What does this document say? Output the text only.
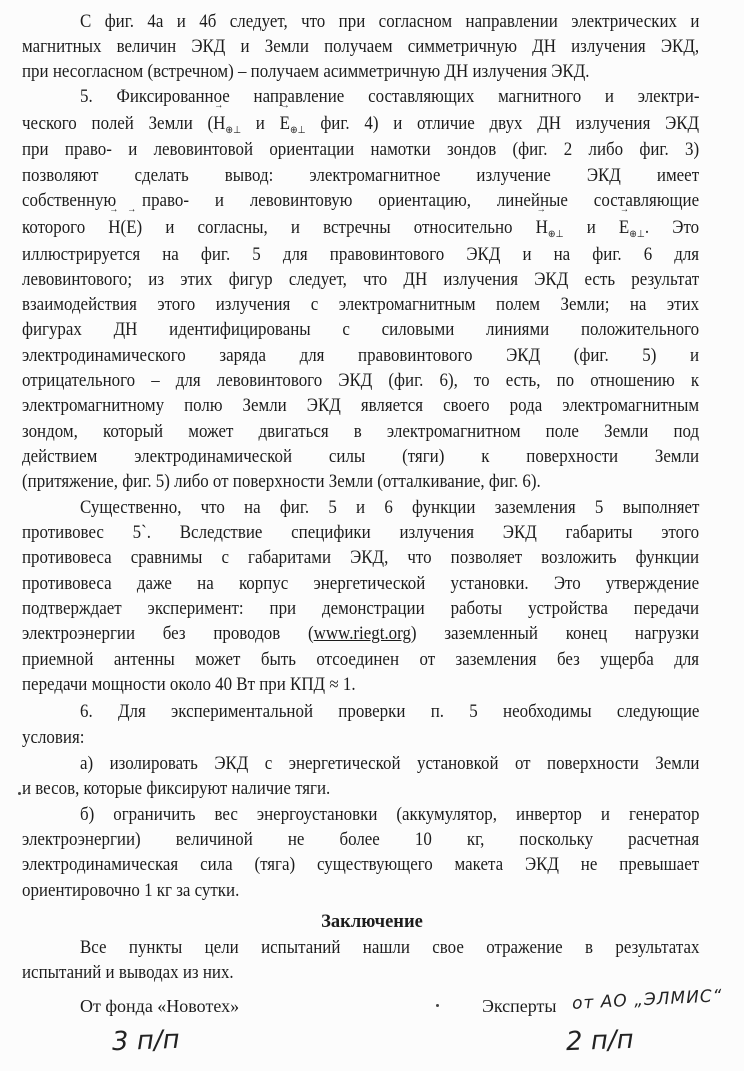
С фиг. 4а и 4б следует, что при согласном направлении электрических и
магнитных величин ЭКД и Земли получаем симметричную ДН излучения ЭКД,
при несогласном (встречном) – получаем асимметричную ДН излучения ЭКД.
5. Фиксированное направление составляющих магнитного и электри-
ческого полей Земли (→ $H_{\oplus\perp}$ $и \to E_{\oplus\perp}$ фиг. 4) и отличие двух ДН излучения ЭКД
при право- и левовинтовой ориентации намотки зондов (фиг. 2 либо фиг. 3)
позволяют сделать вывод: электромагнитное излучение ЭКД имеет
собственную право- и левовинтовую ориентацию, линейные составляющие
которого → H(→ E) и согласны, и встречны относительно → $H_{\oplus\perp}$ $и \to E_{\oplus\perp}$. Это
иллюстрируется на фиг. 5 для правовинтового ЭКД и на фиг. 6 для
левовинтового; из этих фигур следует, что ДН излучения ЭКД есть результат
взаимодействия этого излучения с электромагнитным полем Земли; на этих
фигурах ДН идентифицированы с силовыми линиями положительного
электродинамического заряда для правовинтового ЭКД (фиг. 5) и
отрицательного – для левовинтового ЭКД (фиг. 6), то есть, по отношению к
электромагнитному полю Земли ЭКД является своего рода электромагнитным
зондом, который может двигаться в электромагнитном поле Земли под
действием электродинамической силы (тяги) к поверхности Земли
(притяжение, фиг. 5) либо от поверхности Земли (отталкивание, фиг. 6).
Существенно, что на фиг. 5 и 6 функции заземления 5 выполняет
противовес 5`. Вследствие специфики излучения ЭКД габариты этого
противовеса сравнимы с габаритами ЭКД, что позволяет возложить функции
противовеса даже на корпус энергетической установки. Это утверждение
подтверждает эксперимент: при демонстрации работы устройства передачи
электроэнергии без проводов (www.riegt.org) заземленный конец нагрузки
приемной антенны может быть отсоединен от заземления без ущерба для
передачи мощности около 40 Вт при КПД ≈ 1.
6. Для экспериментальной проверки п. 5 необходимы следующие
условия:
а) изолировать ЭКД с энергетической установкой от поверхности Земли
и весов, которые фиксируют наличие тяги.
б) ограничить вес энергоустановки (аккумулятор, инвертор и генератор
электроэнергии) величиной не более 10 кг, поскольку расчетная
электродинамическая сила (тяга) существующего макета ЭКД не превышает
ориентировочно 1 кг за сутки.
Заключение
Все пункты цели испытаний нашли свое отражение в результатах
испытаний и выводах из них.
От фонда «Новотех»	Эксперты от АО „ЭЛМИС“
3 п/п	2 п/п
